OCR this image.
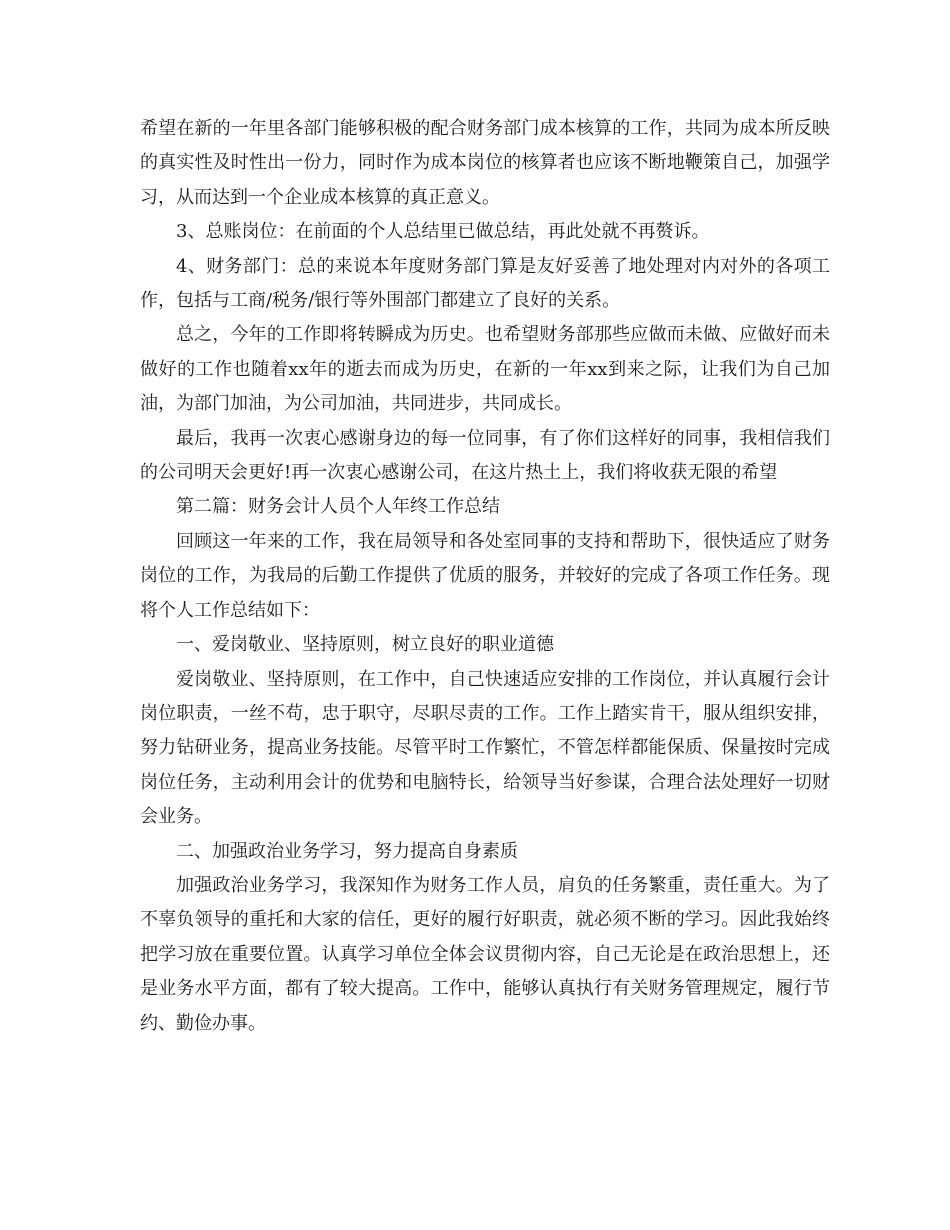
希望在新的一年里各部门能够积极的配合财务部门成本核算的工作，共同为成本所反映的真实性及时性出一份力，同时作为成本岗位的核算者也应该不断地鞭策自己，加强学习，从而达到一个企业成本核算的真正意义。

3、总账岗位：在前面的个人总结里已做总结，再此处就不再赘诉。

4、财务部门：总的来说本年度财务部门算是友好妥善了地处理对内对外的各项工作，包括与工商/税务/银行等外围部门都建立了良好的关系。

总之，今年的工作即将转瞬成为历史。也希望财务部那些应做而未做、应做好而未做好的工作也随着xx年的逝去而成为历史，在新的一年xx到来之际，让我们为自己加油，为部门加油，为公司加油，共同进步，共同成长。

最后，我再一次衷心感谢身边的每一位同事，有了你们这样好的同事，我相信我们的公司明天会更好!再一次衷心感谢公司，在这片热土上，我们将收获无限的希望

第二篇：财务会计人员个人年终工作总结

回顾这一年来的工作，我在局领导和各处室同事的支持和帮助下，很快适应了财务岗位的工作，为我局的后勤工作提供了优质的服务，并较好的完成了各项工作任务。现将个人工作总结如下：

一、爱岗敬业、坚持原则，树立良好的职业道德

爱岗敬业、坚持原则，在工作中，自己快速适应安排的工作岗位，并认真履行会计岗位职责，一丝不苟，忠于职守，尽职尽责的工作。工作上踏实肯干，服从组织安排，努力钻研业务，提高业务技能。尽管平时工作繁忙，不管怎样都能保质、保量按时完成岗位任务，主动利用会计的优势和电脑特长，给领导当好参谋，合理合法处理好一切财会业务。

二、加强政治业务学习，努力提高自身素质

加强政治业务学习，我深知作为财务工作人员，肩负的任务繁重，责任重大。为了不辜负领导的重托和大家的信任，更好的履行好职责，就必须不断的学习。因此我始终把学习放在重要位置。认真学习单位全体会议贯彻内容，自己无论是在政治思想上，还是业务水平方面，都有了较大提高。工作中，能够认真执行有关财务管理规定，履行节约、勤俭办事。
